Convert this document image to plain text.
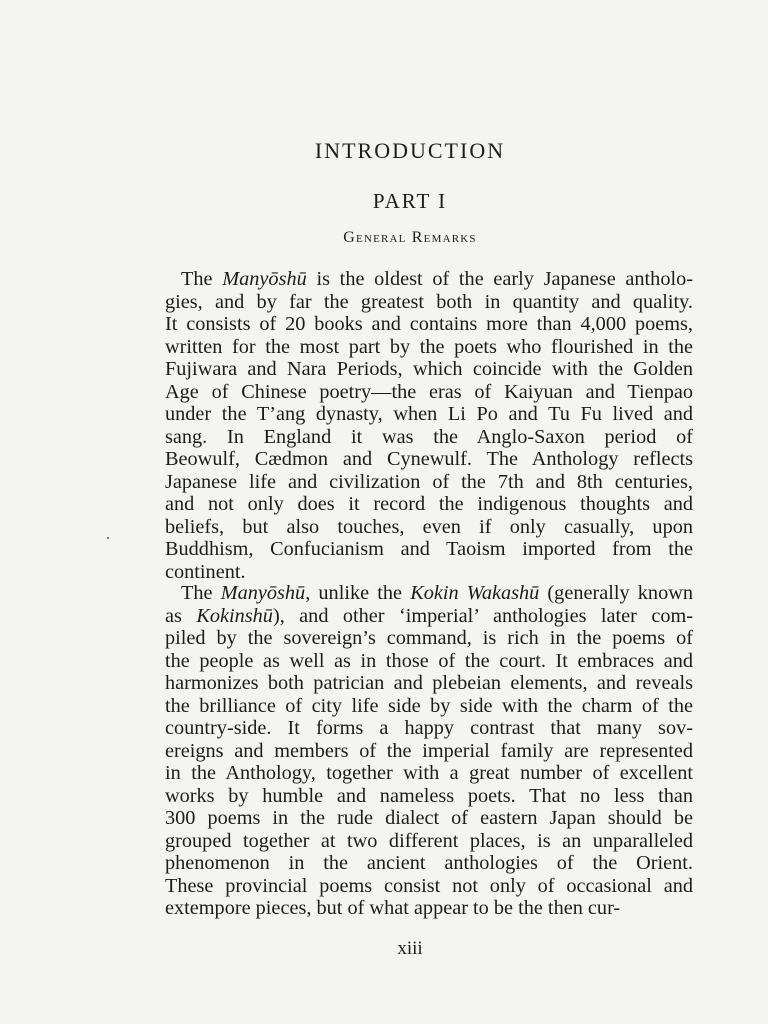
INTRODUCTION
PART I
General Remarks
The Manyōshū is the oldest of the early Japanese antholo-
gies, and by far the greatest both in quantity and quality.
It consists of 20 books and contains more than 4,000 poems,
written for the most part by the poets who flourished in the
Fujiwara and Nara Periods, which coincide with the Golden
Age of Chinese poetry—the eras of Kaiyuan and Tienpao
under the T’ang dynasty, when Li Po and Tu Fu lived and
sang. In England it was the Anglo-Saxon period of
Beowulf, Cædmon and Cynewulf. The Anthology reflects
Japanese life and civilization of the 7th and 8th centuries,
and not only does it record the indigenous thoughts and
beliefs, but also touches, even if only casually, upon
Buddhism, Confucianism and Taoism imported from the
continent.
The Manyōshū, unlike the Kokin Wakashū (generally known
as Kokinshū), and other ‘imperial’ anthologies later com-
piled by the sovereign’s command, is rich in the poems of
the people as well as in those of the court. It embraces and
harmonizes both patrician and plebeian elements, and reveals
the brilliance of city life side by side with the charm of the
country-side. It forms a happy contrast that many sov-
ereigns and members of the imperial family are represented
in the Anthology, together with a great number of excellent
works by humble and nameless poets. That no less than
300 poems in the rude dialect of eastern Japan should be
grouped together at two different places, is an unparalleled
phenomenon in the ancient anthologies of the Orient.
These provincial poems consist not only of occasional and
extempore pieces, but of what appear to be the then cur-
xiii
